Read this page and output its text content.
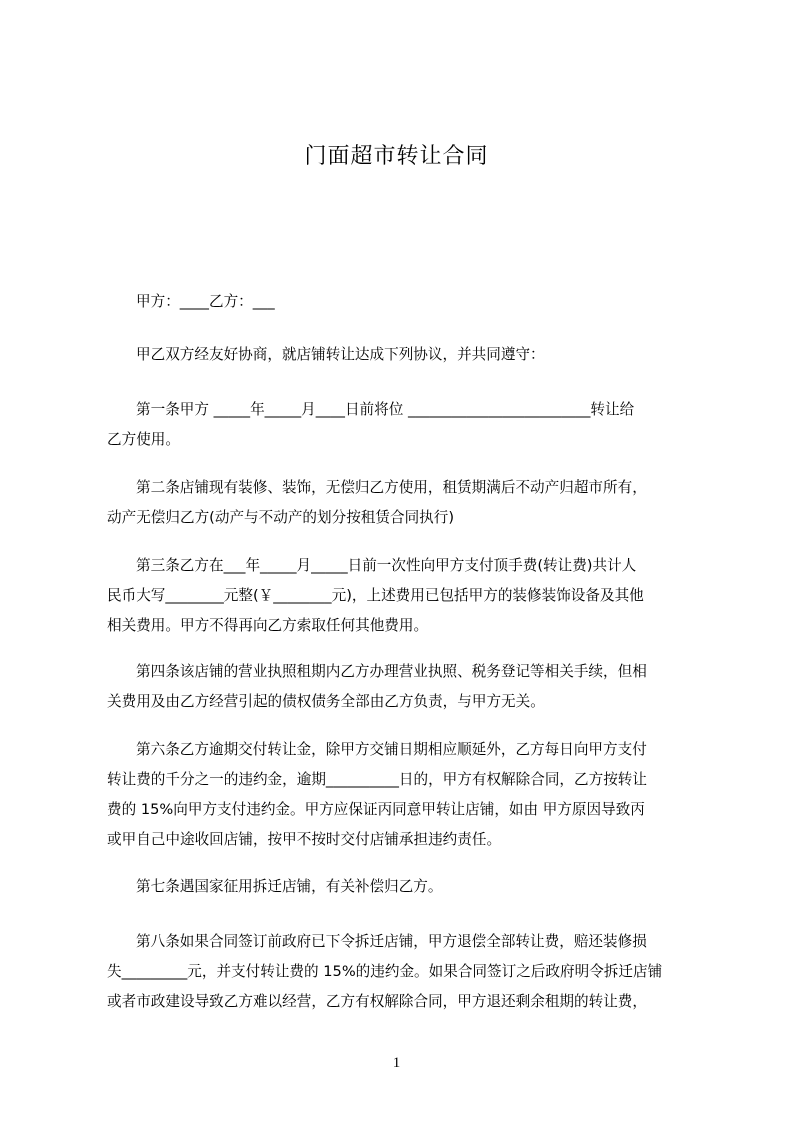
门面超市转让合同
甲方：____乙方：___
甲乙双方经友好协商，就店铺转让达成下列协议，并共同遵守：
第一条甲方 _____年_____月____日前将位 _________________________转让给
乙方使用。
第二条店铺现有装修、装饰，无偿归乙方使用，租赁期满后不动产归超市所有，
动产无偿归乙方(动产与不动产的划分按租赁合同执行)
第三条乙方在___年_____月_____日前一次性向甲方支付顶手费(转让费)共计人
民币大写________元整(￥________元)，上述费用已包括甲方的装修装饰设备及其他
相关费用。甲方不得再向乙方索取任何其他费用。
第四条该店铺的营业执照租期内乙方办理营业执照、税务登记等相关手续，但相
关费用及由乙方经营引起的债权债务全部由乙方负责，与甲方无关。
第六条乙方逾期交付转让金，除甲方交铺日期相应顺延外，乙方每日向甲方支付
转让费的千分之一的违约金，逾期__________日的，甲方有权解除合同，乙方按转让
费的 15%向甲方支付违约金。甲方应保证丙同意甲转让店铺，如由 甲方原因导致丙
或甲自己中途收回店铺，按甲不按时交付店铺承担违约责任。
第七条遇国家征用拆迁店铺，有关补偿归乙方。
第八条如果合同签订前政府已下令拆迁店铺，甲方退偿全部转让费，赔还装修损
失_________元，并支付转让费的 15%的违约金。如果合同签订之后政府明令拆迁店铺
或者市政建设导致乙方难以经营，乙方有权解除合同，甲方退还剩余租期的转让费，
1
